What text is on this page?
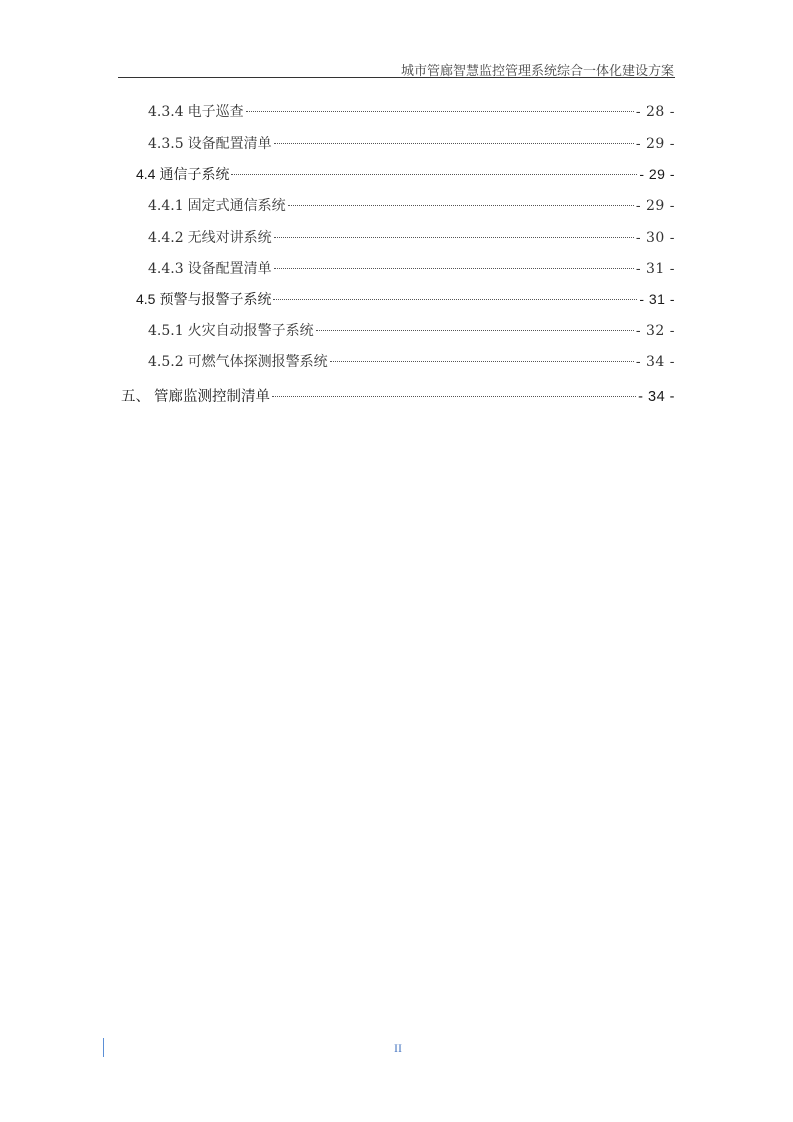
城市管廊智慧监控管理系统综合一体化建设方案
4.3.4 电子巡查	- 28 -
4.3.5 设备配置清单	- 29 -
4.4 通信子系统	- 29 -
4.4.1 固定式通信系统	- 29 -
4.4.2 无线对讲系统	- 30 -
4.4.3 设备配置清单	- 31 -
4.5 预警与报警子系统	- 31 -
4.5.1 火灾自动报警子系统	- 32 -
4.5.2 可燃气体探测报警系统	- 34 -
五、 管廊监测控制清单	- 34 -
II
